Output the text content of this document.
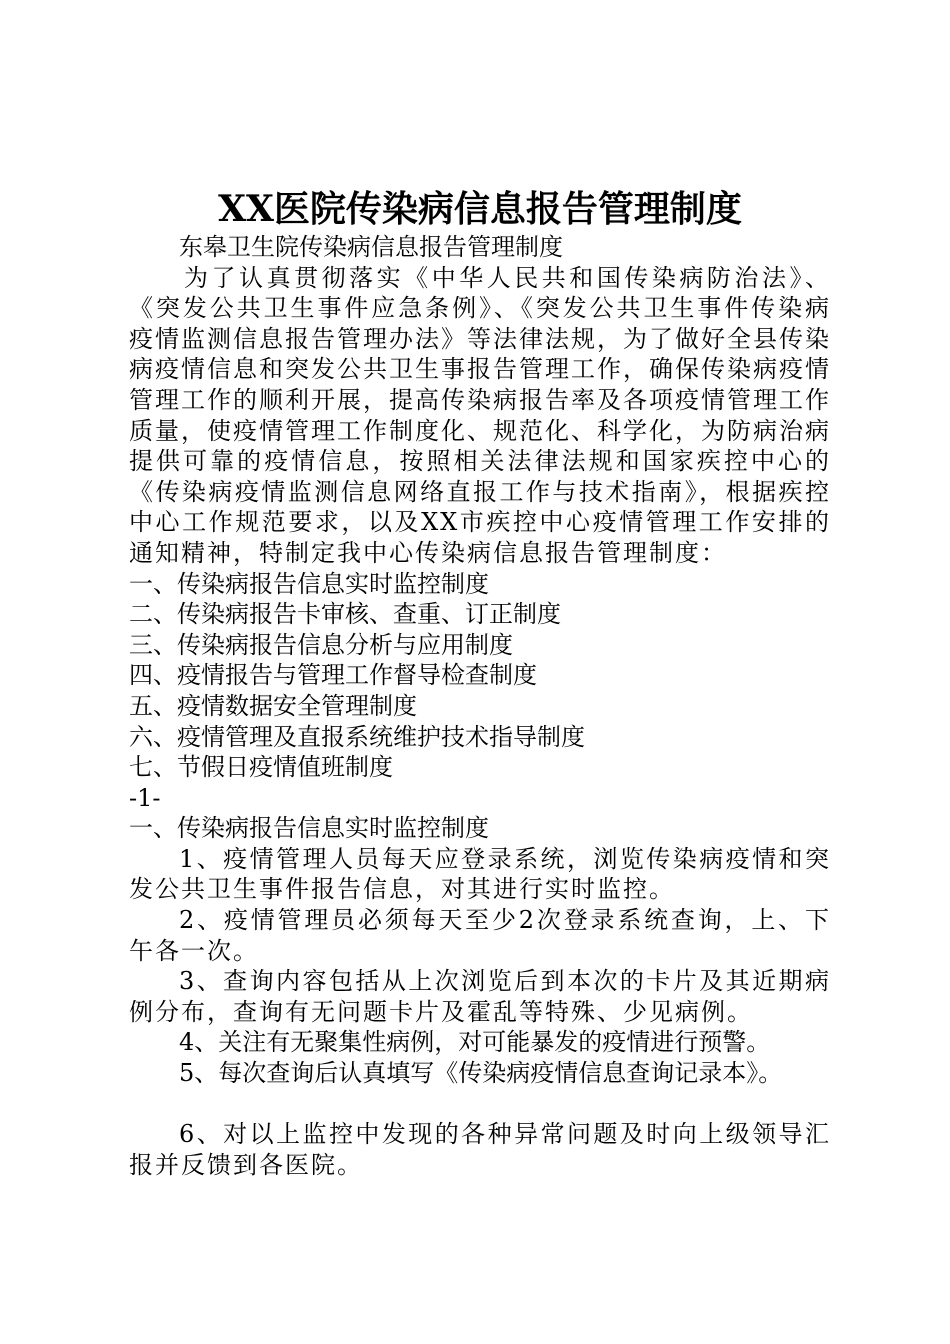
XX医院传染病信息报告管理制度

东皋卫生院传染病信息报告管理制度

为了认真贯彻落实《中华人民共和国传染病防治法》、《突发公共卫生事件应急条例》、《突发公共卫生事件传染病疫情监测信息报告管理办法》等法律法规，为了做好全县传染病疫情信息和突发公共卫生事报告管理工作，确保传染病疫情管理工作的顺利开展，提高传染病报告率及各项疫情管理工作质量，使疫情管理工作制度化、规范化、科学化，为防病治病提供可靠的疫情信息，按照相关法律法规和国家疾控中心的《传染病疫情监测信息网络直报工作与技术指南》，根据疾控中心工作规范要求，以及XX市疾控中心疫情管理工作安排的通知精神，特制定我中心传染病信息报告管理制度：

一、传染病报告信息实时监控制度

二、传染病报告卡审核、查重、订正制度

三、传染病报告信息分析与应用制度

四、疫情报告与管理工作督导检查制度

五、疫情数据安全管理制度

六、疫情管理及直报系统维护技术指导制度

七、节假日疫情值班制度

-1-

一、传染病报告信息实时监控制度

1、疫情管理人员每天应登录系统，浏览传染病疫情和突发公共卫生事件报告信息，对其进行实时监控。

2、疫情管理员必须每天至少2次登录系统查询，上、下午各一次。

3、查询内容包括从上次浏览后到本次的卡片及其近期病例分布，查询有无问题卡片及霍乱等特殊、少见病例。

4、关注有无聚集性病例，对可能暴发的疫情进行预警。

5、每次查询后认真填写《传染病疫情信息查询记录本》。

6、对以上监控中发现的各种异常问题及时向上级领导汇报并反馈到各医院。
